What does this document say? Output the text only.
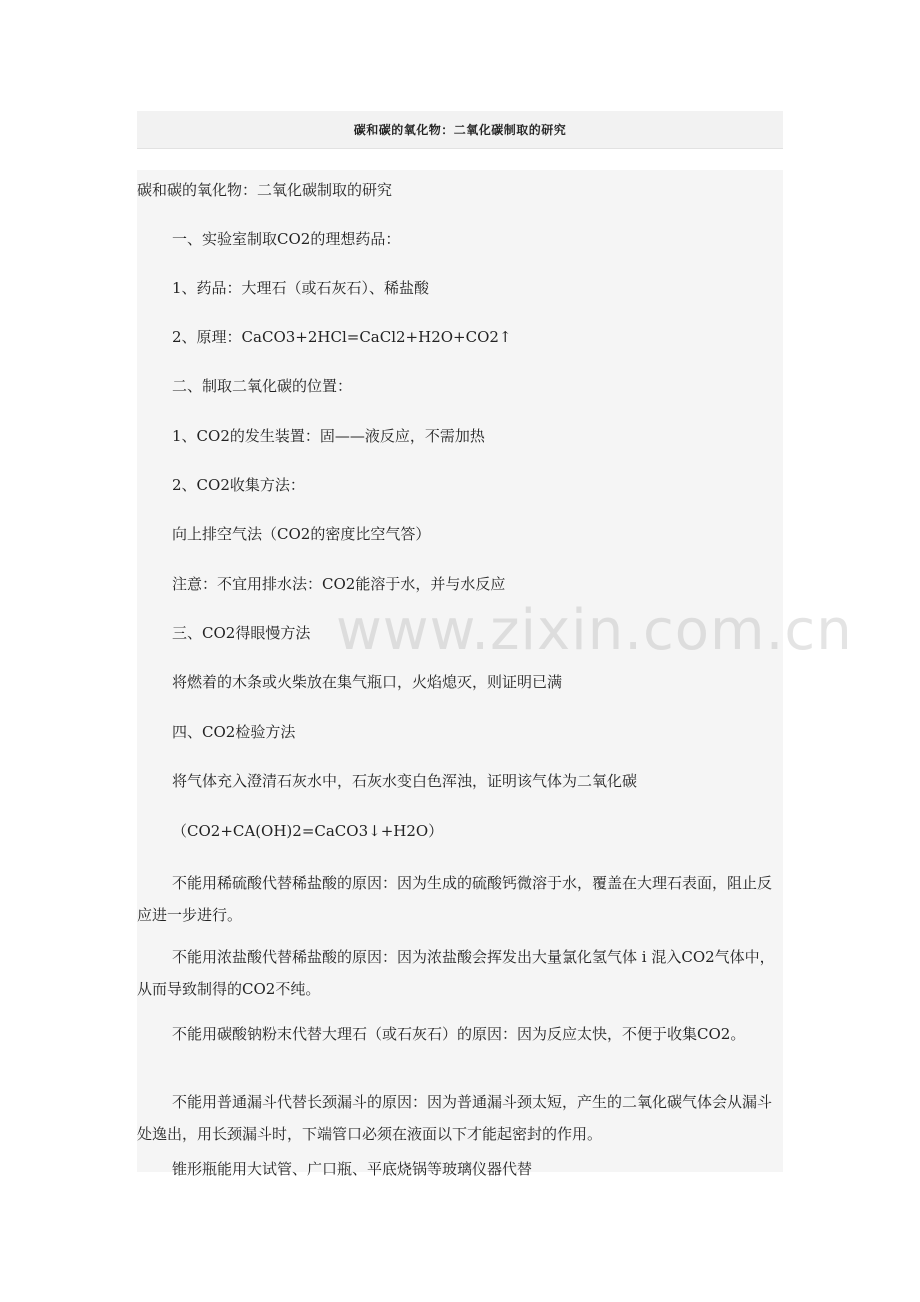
碳和碳的氧化物：二氧化碳制取的研究

碳和碳的氧化物：二氧化碳制取的研究

一、实验室制取CO2的理想药品：

1、药品：大理石（或石灰石）、稀盐酸

2、原理：CaCO3+2HCl=CaCl2+H2O+CO2↑

二、制取二氧化碳的位置：

1、CO2的发生装置：固——液反应，不需加热

2、CO2收集方法：

向上排空气法（CO2的密度比空气答）

注意：不宜用排水法：CO2能溶于水，并与水反应

三、CO2得眼慢方法

将燃着的木条或火柴放在集气瓶口，火焰熄灭，则证明已满

四、CO2检验方法

将气体充入澄清石灰水中，石灰水变白色浑浊，证明该气体为二氧化碳

（CO2+CA(OH)2=CaCO3↓+H2O）

不能用稀硫酸代替稀盐酸的原因：因为生成的硫酸钙微溶于水，覆盖在大理石表面，阻止反应进一步进行。

不能用浓盐酸代替稀盐酸的原因：因为浓盐酸会挥发出大量氯化氢气体 i 混入CO2气体中，从而导致制得的CO2不纯。

不能用碳酸钠粉末代替大理石（或石灰石）的原因：因为反应太快，不便于收集CO2。

不能用普通漏斗代替长颈漏斗的原因：因为普通漏斗颈太短，产生的二氧化碳气体会从漏斗处逸出，用长颈漏斗时，下端管口必须在液面以下才能起密封的作用。

锥形瓶能用大试管、广口瓶、平底烧锅等玻璃仪器代替

www.zixin.com.cn
